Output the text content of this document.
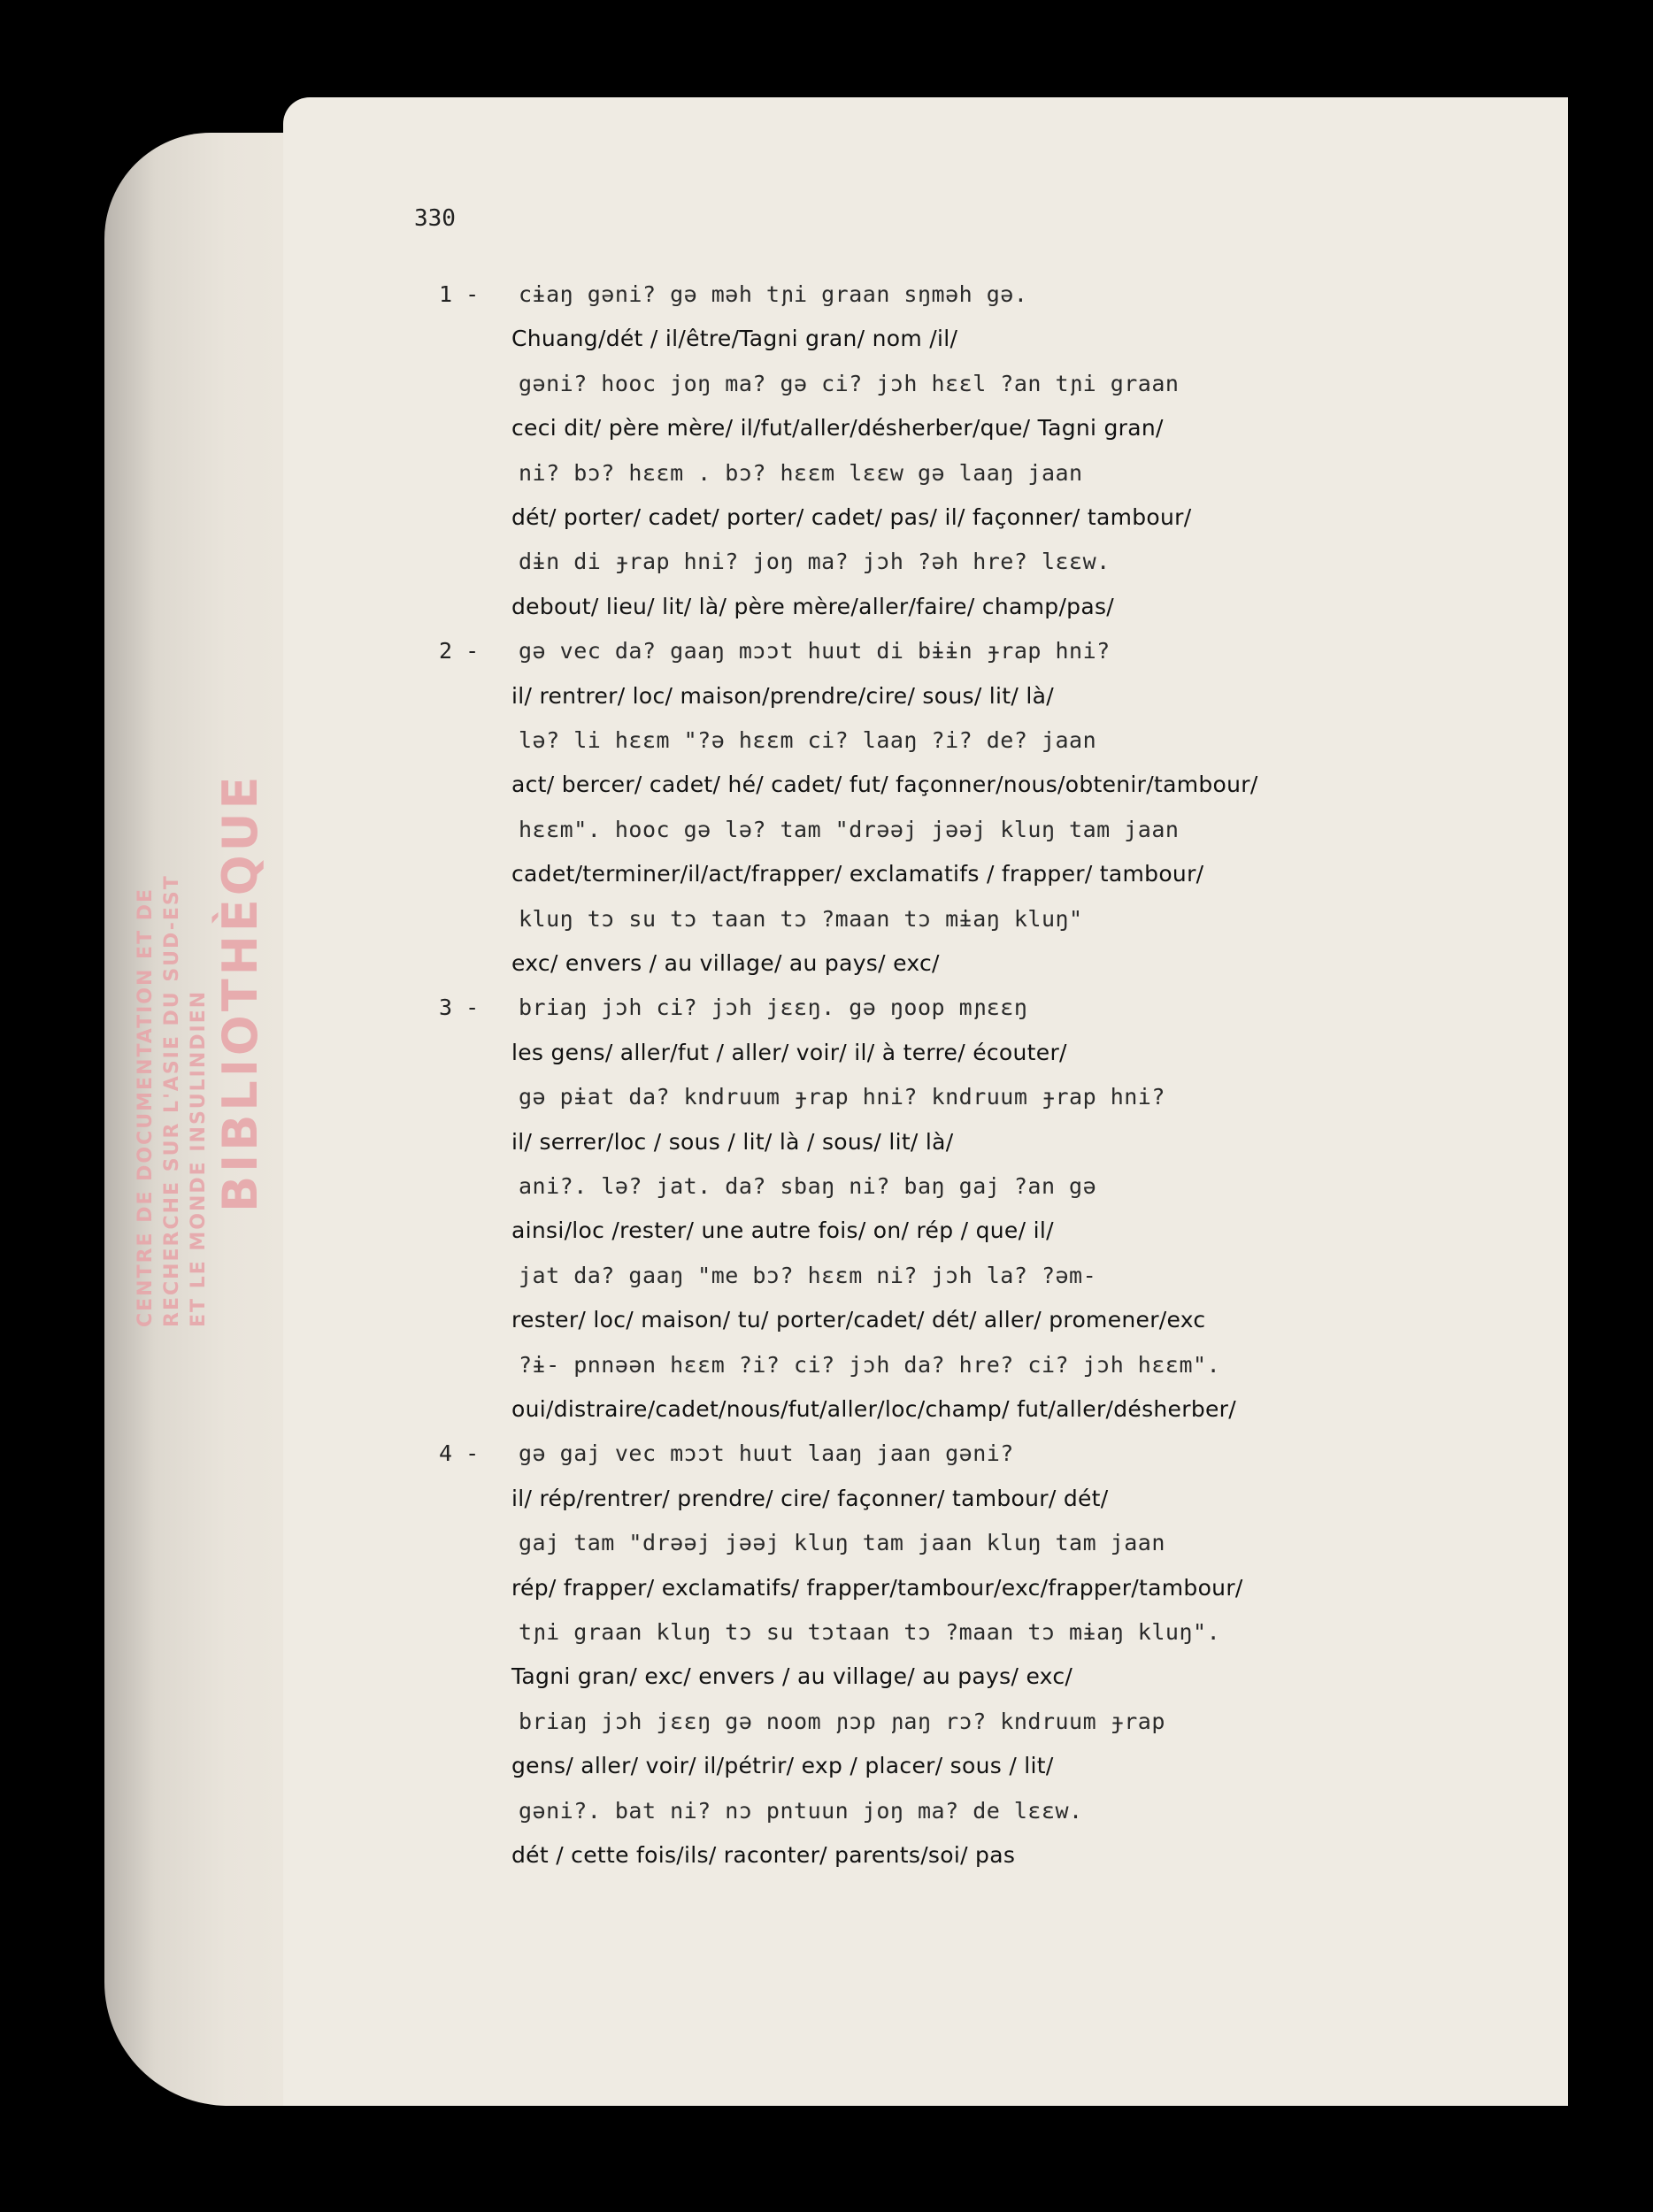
CENTRE DE DOCUMENTATION ET DE RECHERCHE SUR L'ASIE DU SUD-EST ET LE MONDE INSULINDIEN BIBLIOTHÈQUE
330
1 - cɨaŋ gəni? gə məh tɲi graan sŋməh gə.
Chuang/dét / il/être/Tagni gran/ nom /il/
gəni? hooc joŋ ma? gə ci? jɔh hɛɛl ?an tɲi graan
ceci dit/ père mère/ il/fut/aller/désherber/que/ Tagni gran/
ni? bɔ? hɛɛm . bɔ? hɛɛm lɛɛw gə laaŋ jaan
dét/ porter/ cadet/ porter/ cadet/ pas/ il/ façonner/ tambour/
dɨn di ɟrap hni? joŋ ma? jɔh ?əh hre? lɛɛw.
debout/ lieu/ lit/ là/ père mère/aller/faire/ champ/pas/
2 - gə vec da? gaaŋ mɔɔt huut di bɨɨn ɟrap hni?
il/ rentrer/ loc/ maison/prendre/cire/ sous/ lit/ là/
lə? li hɛɛm "?ə hɛɛm ci? laaŋ ?i? de? jaan
act/ bercer/ cadet/ hé/ cadet/ fut/ façonner/nous/obtenir/tambour/
hɛɛm". hooc gə lə? tam "drəəj jəəj kluŋ tam jaan
cadet/terminer/il/act/frapper/ exclamatifs / frapper/ tambour/
kluŋ tɔ su tɔ taan tɔ ?maan tɔ mɨaŋ kluŋ"
exc/ envers / au village/ au pays/ exc/
3 - briaŋ jɔh ci? jɔh jɛɛŋ. gə ŋoop mɲɛɛŋ
les gens/ aller/fut / aller/ voir/ il/ à terre/ écouter/
gə pɨat da? kndruum ɟrap hni? kndruum ɟrap hni?
il/ serrer/loc / sous / lit/ là / sous/ lit/ là/
ani?. lə? jat. da? sbaŋ ni? baŋ gaj ?an gə
ainsi/loc /rester/ une autre fois/ on/ rép / que/ il/
jat da? gaaŋ "me bɔ? hɛɛm ni? jɔh la? ?əm-
rester/ loc/ maison/ tu/ porter/cadet/ dét/ aller/ promener/exc
?ɨ- pnnəən hɛɛm ?i? ci? jɔh da? hre? ci? jɔh hɛɛm".
oui/distraire/cadet/nous/fut/aller/loc/champ/ fut/aller/désherber/
4 - gə gaj vec mɔɔt huut laaŋ jaan gəni?
il/ rép/rentrer/ prendre/ cire/ façonner/ tambour/ dét/
gaj tam "drəəj jəəj kluŋ tam jaan kluŋ tam jaan
rép/ frapper/ exclamatifs/ frapper/tambour/exc/frapper/tambour/
tɲi graan kluŋ tɔ su tɔtaan tɔ ?maan tɔ mɨaŋ kluŋ".
Tagni gran/ exc/ envers / au village/ au pays/ exc/
briaŋ jɔh jɛɛŋ gə noom ɲɔp ɲaŋ rɔ? kndruum ɟrap
gens/ aller/ voir/ il/pétrir/ exp / placer/ sous / lit/
gəni?. bat ni? nɔ pntuun joŋ ma? de lɛɛw.
dét / cette fois/ils/ raconter/ parents/soi/ pas
